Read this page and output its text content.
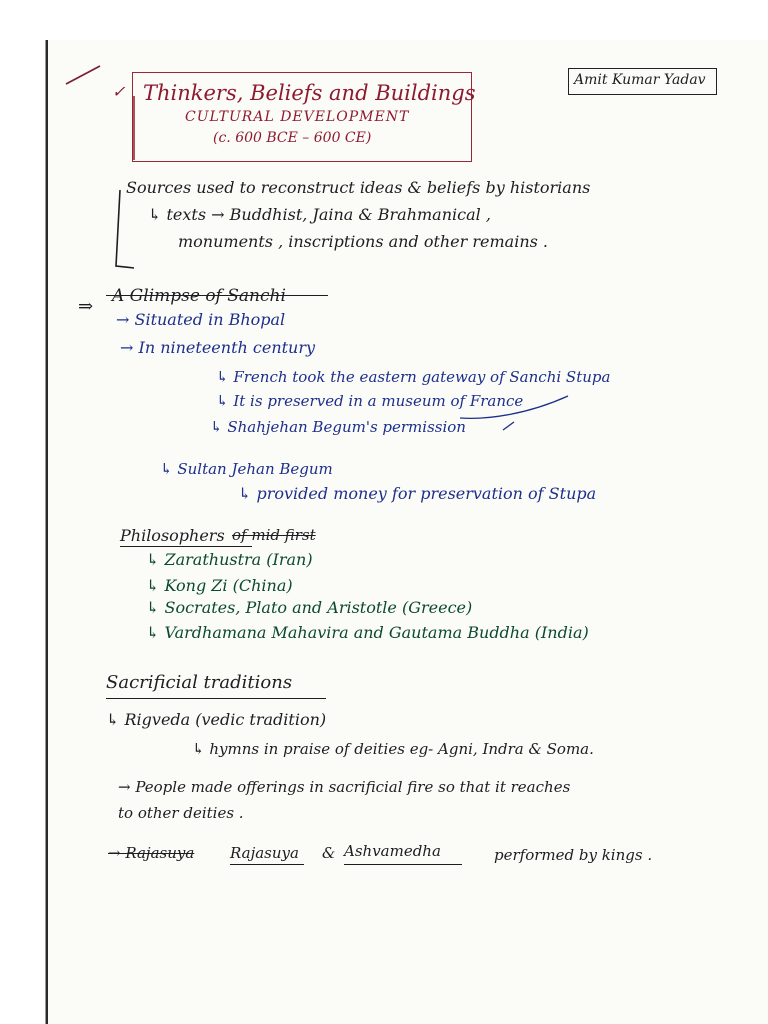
✓ Thinkers, Beliefs and Buildings
CULTURAL DEVELOPMENT
(c. 600 BCE – 600 CE)
Amit Kumar Yadav
Sources used to reconstruct ideas & beliefs by historians
↳ texts → Buddhist, Jaina & Brahmanical ,
monuments , inscriptions and other remains .
⇒ A Glimpse of Sanchi
→ Situated in Bhopal
→ In nineteenth century
↳ French took the eastern gateway of Sanchi Stupa
↳ It is preserved in a museum of France
↳ Shahjehan Begum's permission
↳ Sultan Jehan Begum
↳ provided money for preservation of Stupa
Philosophers of mid first
↳ Zarathustra (Iran)
↳ Kong Zi (China)
↳ Socrates, Plato and Aristotle (Greece)
↳ Vardhamana Mahavira and Gautama Buddha (India)
Sacrificial traditions
↳ Rigveda (vedic tradition)
↳ hymns in praise of deities eg- Agni, Indra & Soma.
→ People made offerings in sacrificial fire so that it reaches
to other deities .
→ Rajasuya Rajasuya & Ashvamedha	performed by kings .
